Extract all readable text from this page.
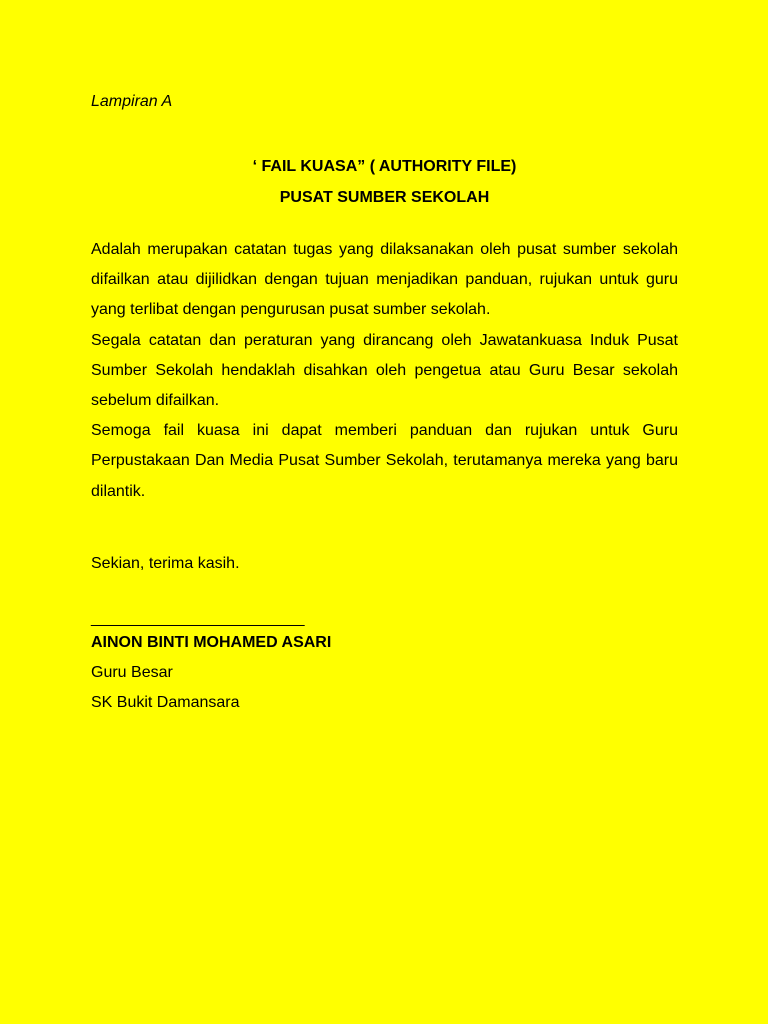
Lampiran A
‘ FAIL KUASA” ( AUTHORITY FILE)
PUSAT SUMBER SEKOLAH

Adalah merupakan catatan tugas yang dilaksanakan oleh pusat sumber sekolah difailkan atau dijilidkan dengan tujuan menjadikan panduan, rujukan untuk guru yang terlibat dengan pengurusan pusat sumber sekolah.

Segala catatan dan peraturan yang dirancang oleh Jawatankuasa Induk Pusat Sumber Sekolah hendaklah disahkan oleh pengetua atau Guru Besar sekolah sebelum difailkan.

Semoga fail kuasa ini dapat memberi panduan dan rujukan untuk Guru Perpustakaan Dan Media Pusat Sumber Sekolah, terutamanya mereka yang baru dilantik.

Sekian, terima kasih.
________________________
AINON BINTI MOHAMED ASARI
Guru Besar
SK Bukit Damansara
